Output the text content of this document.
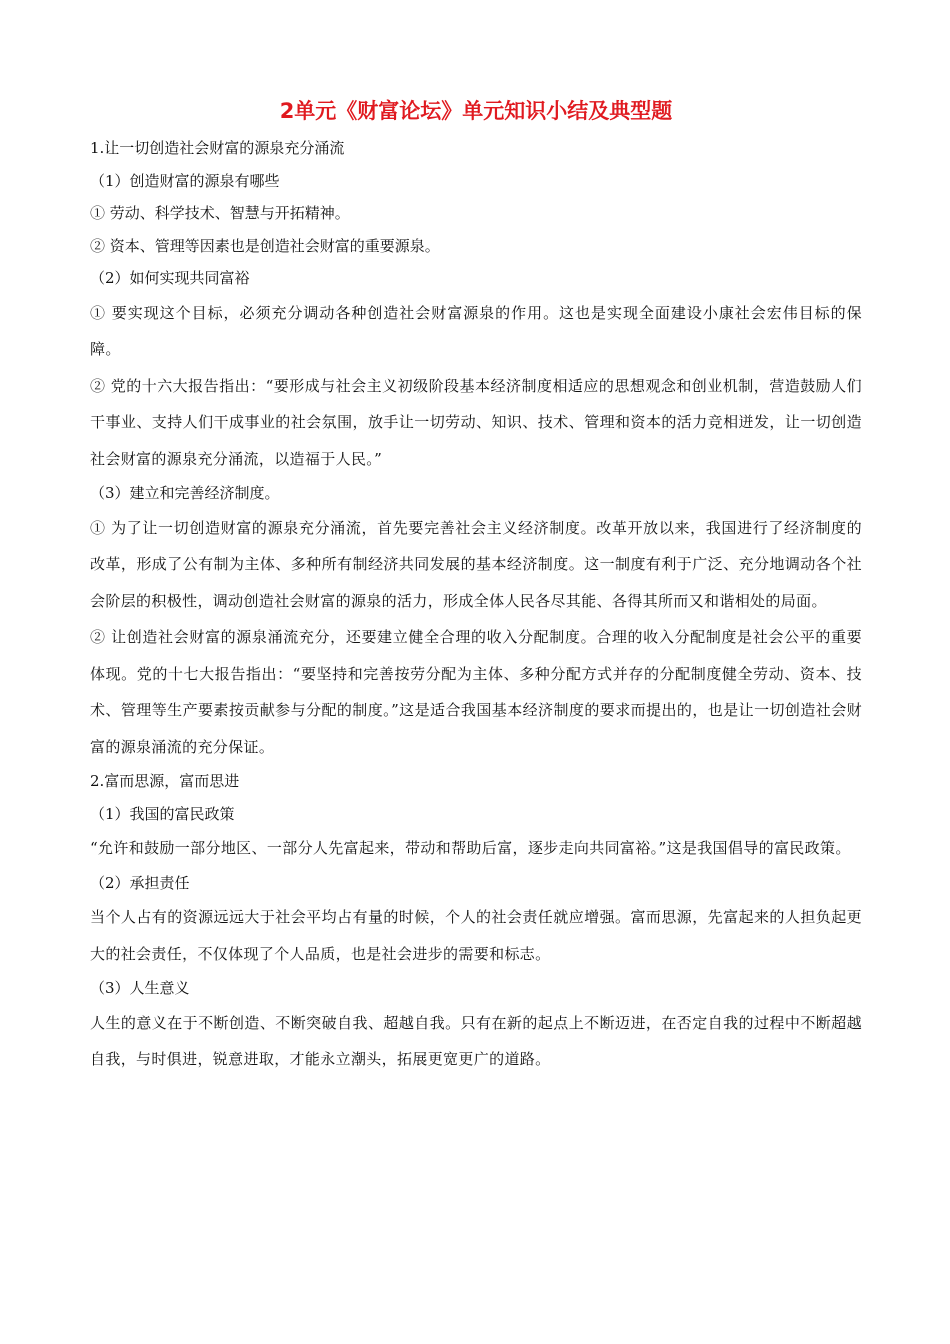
2单元《财富论坛》单元知识小结及典型题
1.让一切创造社会财富的源泉充分涌流
（1）创造财富的源泉有哪些
① 劳动、科学技术、智慧与开拓精神。
② 资本、管理等因素也是创造社会财富的重要源泉。
（2）如何实现共同富裕
① 要实现这个目标，必须充分调动各种创造社会财富源泉的作用。这也是实现全面建设小康社会宏伟目标的保障。
② 党的十六大报告指出：“要形成与社会主义初级阶段基本经济制度相适应的思想观念和创业机制，营造鼓励人们干事业、支持人们干成事业的社会氛围，放手让一切劳动、知识、技术、管理和资本的活力竞相迸发，让一切创造社会财富的源泉充分涌流，以造福于人民。”
（3）建立和完善经济制度。
① 为了让一切创造财富的源泉充分涌流，首先要完善社会主义经济制度。改革开放以来，我国进行了经济制度的改革，形成了公有制为主体、多种所有制经济共同发展的基本经济制度。这一制度有利于广泛、充分地调动各个社会阶层的积极性，调动创造社会财富的源泉的活力，形成全体人民各尽其能、各得其所而又和谐相处的局面。
② 让创造社会财富的源泉涌流充分，还要建立健全合理的收入分配制度。合理的收入分配制度是社会公平的重要体现。党的十七大报告指出：“要坚持和完善按劳分配为主体、多种分配方式并存的分配制度健全劳动、资本、技术、管理等生产要素按贡献参与分配的制度。”这是适合我国基本经济制度的要求而提出的，也是让一切创造社会财富的源泉涌流的充分保证。
2.富而思源，富而思进
（1）我国的富民政策
“允许和鼓励一部分地区、一部分人先富起来，带动和帮助后富，逐步走向共同富裕。”这是我国倡导的富民政策。
（2）承担责任
当个人占有的资源远远大于社会平均占有量的时候，个人的社会责任就应增强。富而思源，先富起来的人担负起更大的社会责任，不仅体现了个人品质，也是社会进步的需要和标志。
（3）人生意义
人生的意义在于不断创造、不断突破自我、超越自我。只有在新的起点上不断迈进，在否定自我的过程中不断超越自我，与时俱进，锐意进取，才能永立潮头，拓展更宽更广的道路。
